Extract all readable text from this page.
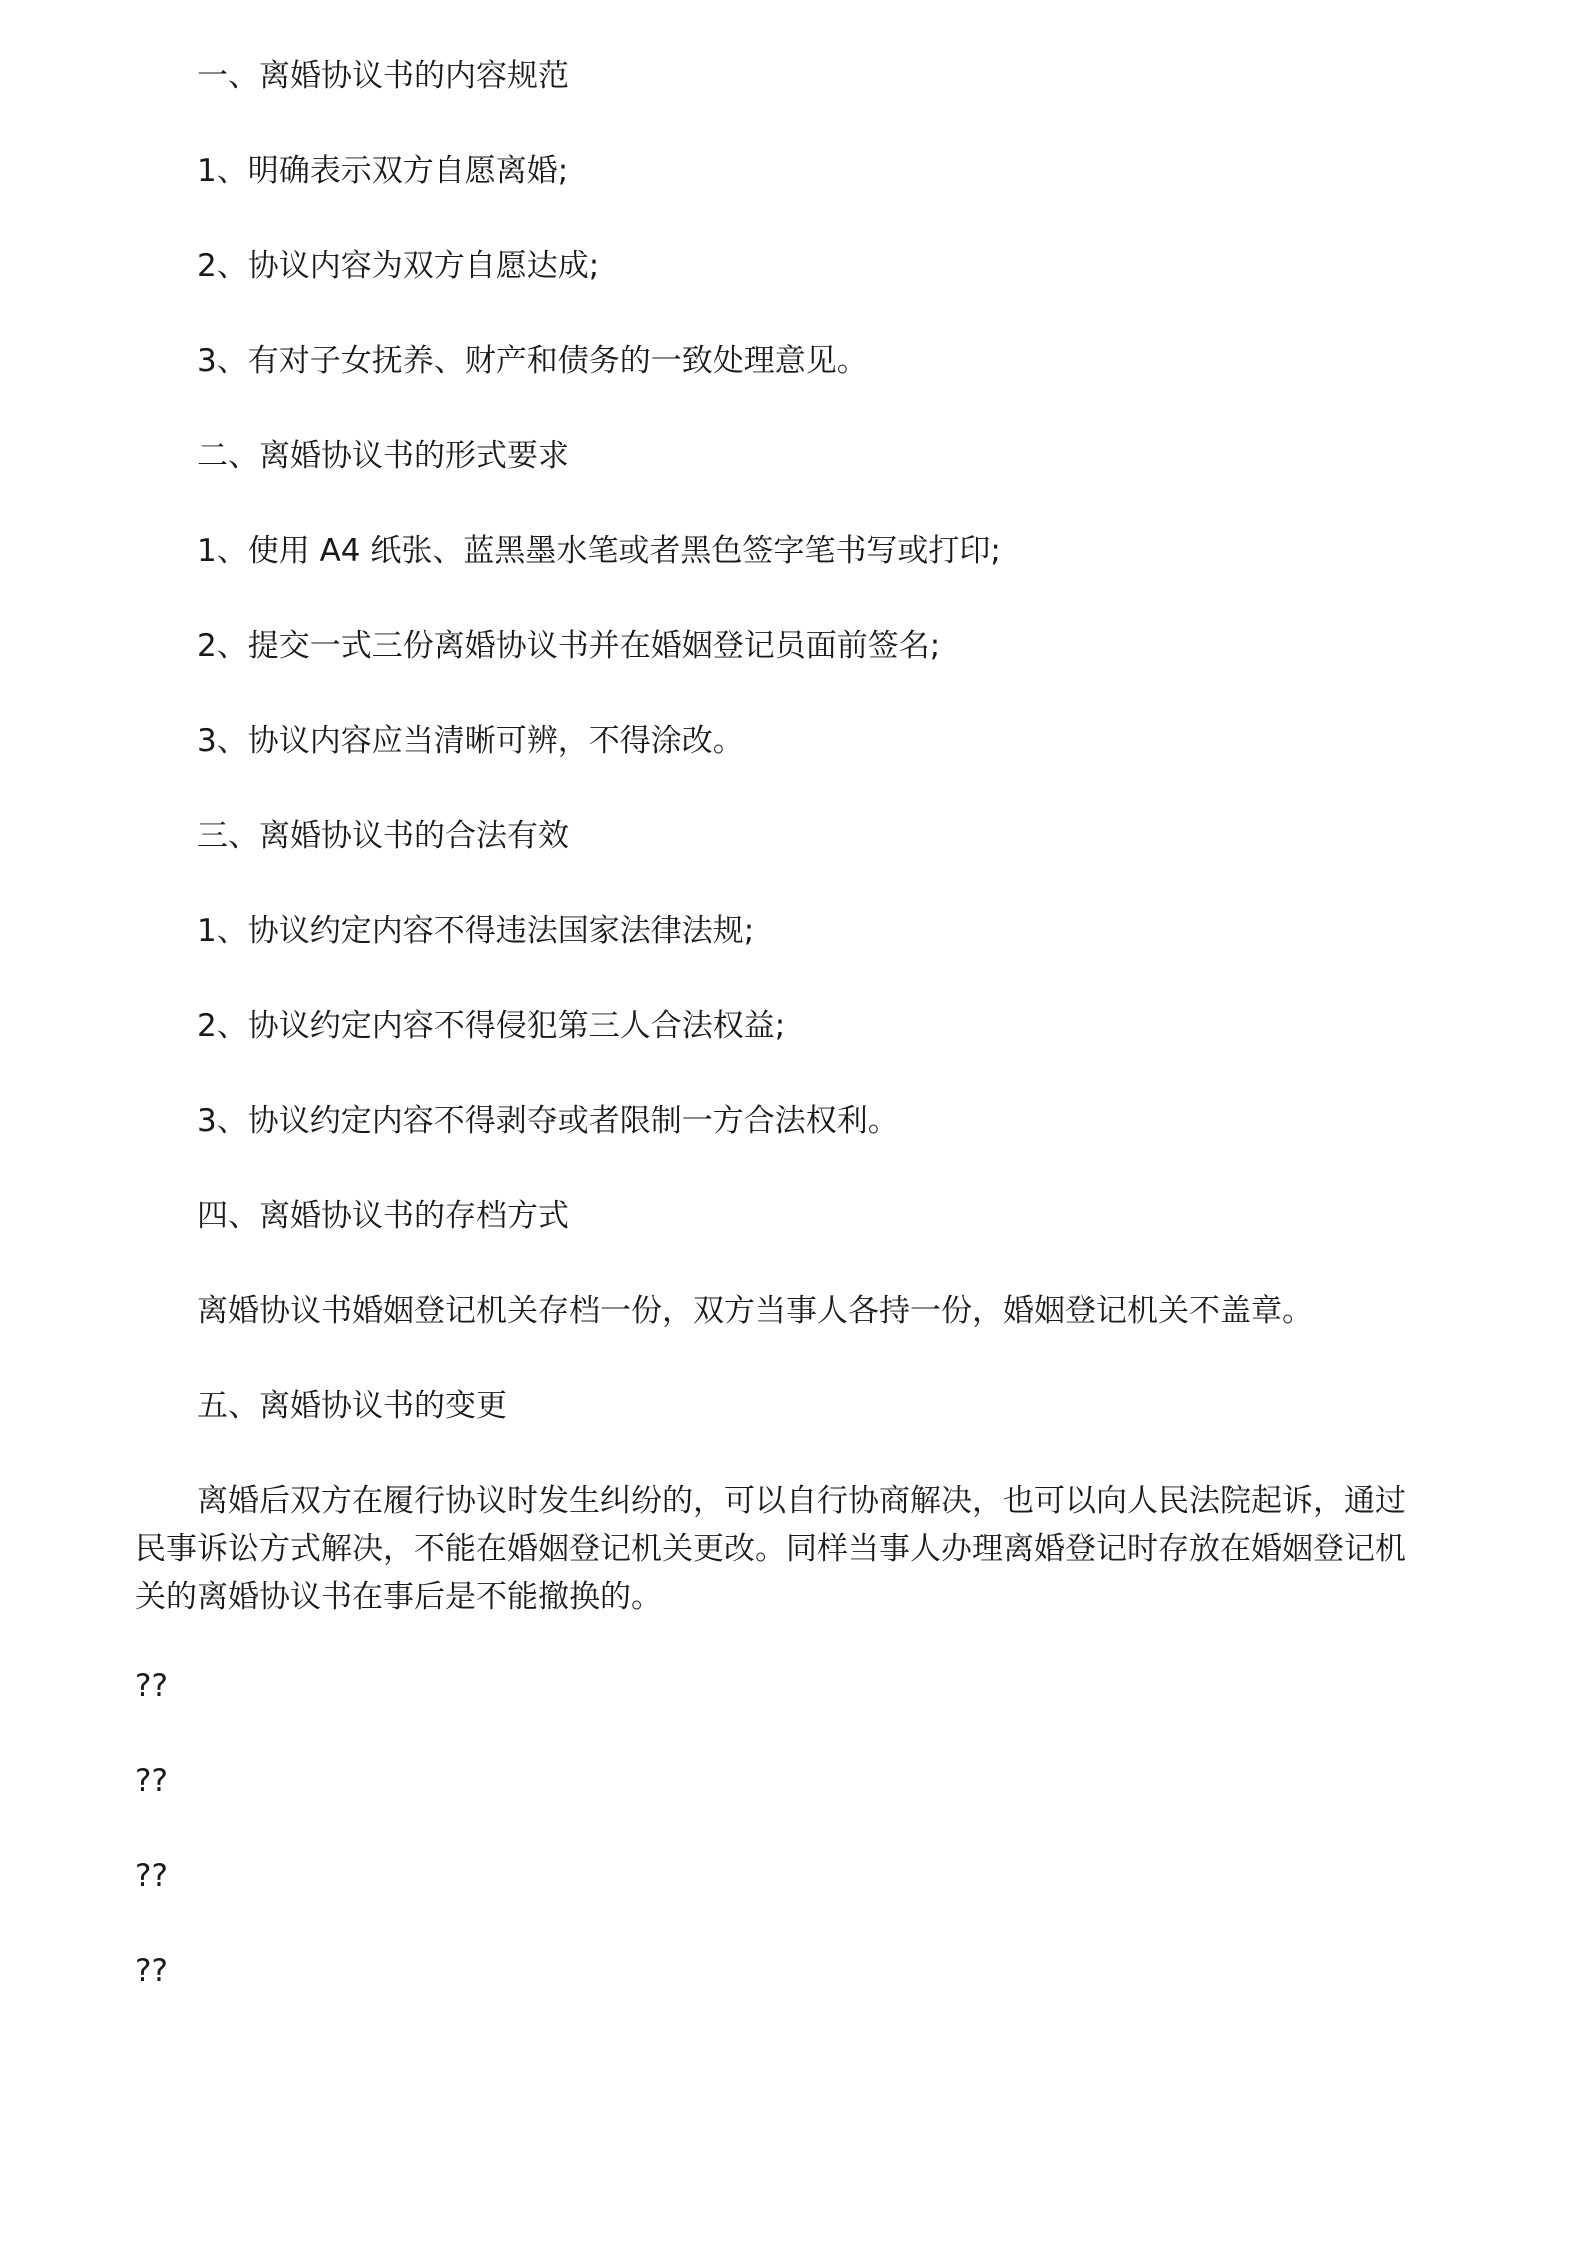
一、离婚协议书的内容规范

1、明确表示双方自愿离婚;

2、协议内容为双方自愿达成;

3、有对子女抚养、财产和债务的一致处理意见。

二、离婚协议书的形式要求

1、使用 A4 纸张、蓝黑墨水笔或者黑色签字笔书写或打印;

2、提交一式三份离婚协议书并在婚姻登记员面前签名;

3、协议内容应当清晰可辨，不得涂改。

三、离婚协议书的合法有效

1、协议约定内容不得违法国家法律法规;

2、协议约定内容不得侵犯第三人合法权益;

3、协议约定内容不得剥夺或者限制一方合法权利。

四、离婚协议书的存档方式

离婚协议书婚姻登记机关存档一份，双方当事人各持一份，婚姻登记机关不盖章。

五、离婚协议书的变更

离婚后双方在履行协议时发生纠纷的，可以自行协商解决，也可以向人民法院起诉，通过
民事诉讼方式解决，不能在婚姻登记机关更改。同样当事人办理离婚登记时存放在婚姻登记机
关的离婚协议书在事后是不能撤换的。

??

??

??

??
